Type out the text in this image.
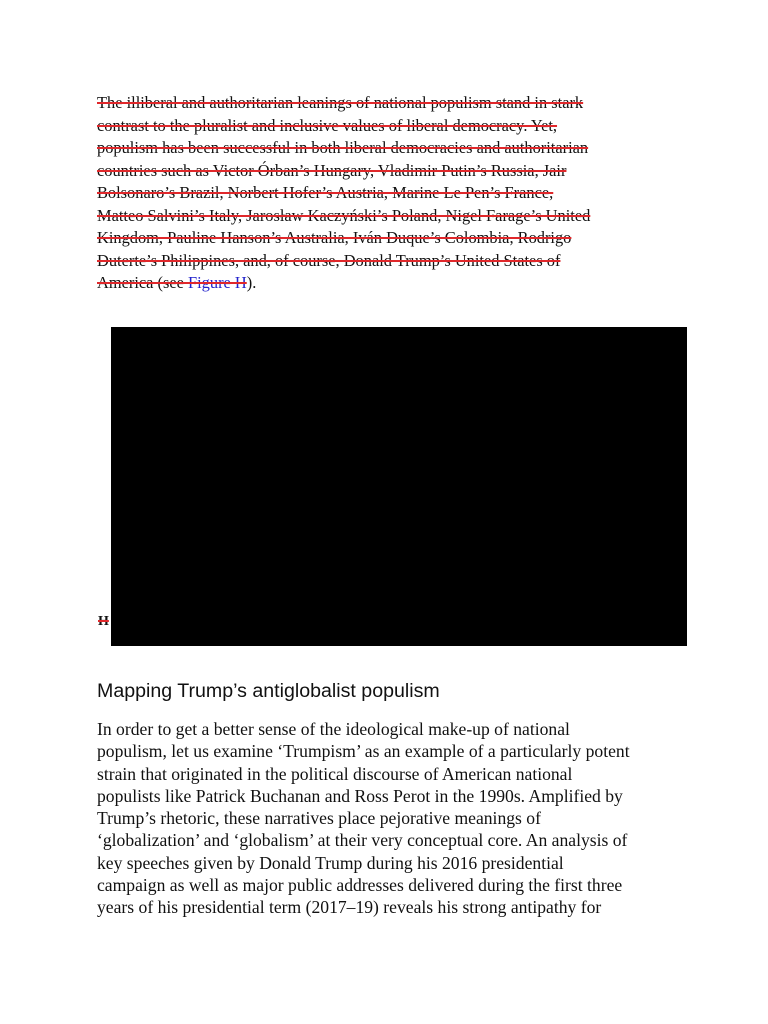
The illiberal and authoritarian leanings of national populism stand in stark
contrast to the pluralist and inclusive values of liberal democracy. Yet,
populism has been successful in both liberal democracies and authoritarian
countries such as Victor Órban’s Hungary, Vladimir Putin’s Russia, Jair
Bolsonaro’s Brazil, Norbert Hofer’s Austria, Marine Le Pen’s France,
Matteo Salvini’s Italy, Jarosław Kaczyński’s Poland, Nigel Farage’s United
Kingdom, Pauline Hanson’s Australia, Iván Duque’s Colombia, Rodrigo
Duterte’s Philippines, and, of course, Donald Trump’s United States of
America (see Figure H).

H
Mapping Trump’s antiglobalist populism

In order to get a better sense of the ideological make-up of national
populism, let us examine ‘Trumpism’ as an example of a particularly potent
strain that originated in the political discourse of American national
populists like Patrick Buchanan and Ross Perot in the 1990s. Amplified by
Trump’s rhetoric, these narratives place pejorative meanings of
‘globalization’ and ‘globalism’ at their very conceptual core. An analysis of
key speeches given by Donald Trump during his 2016 presidential
campaign as well as major public addresses delivered during the first three
years of his presidential term (2017–19) reveals his strong antipathy for
